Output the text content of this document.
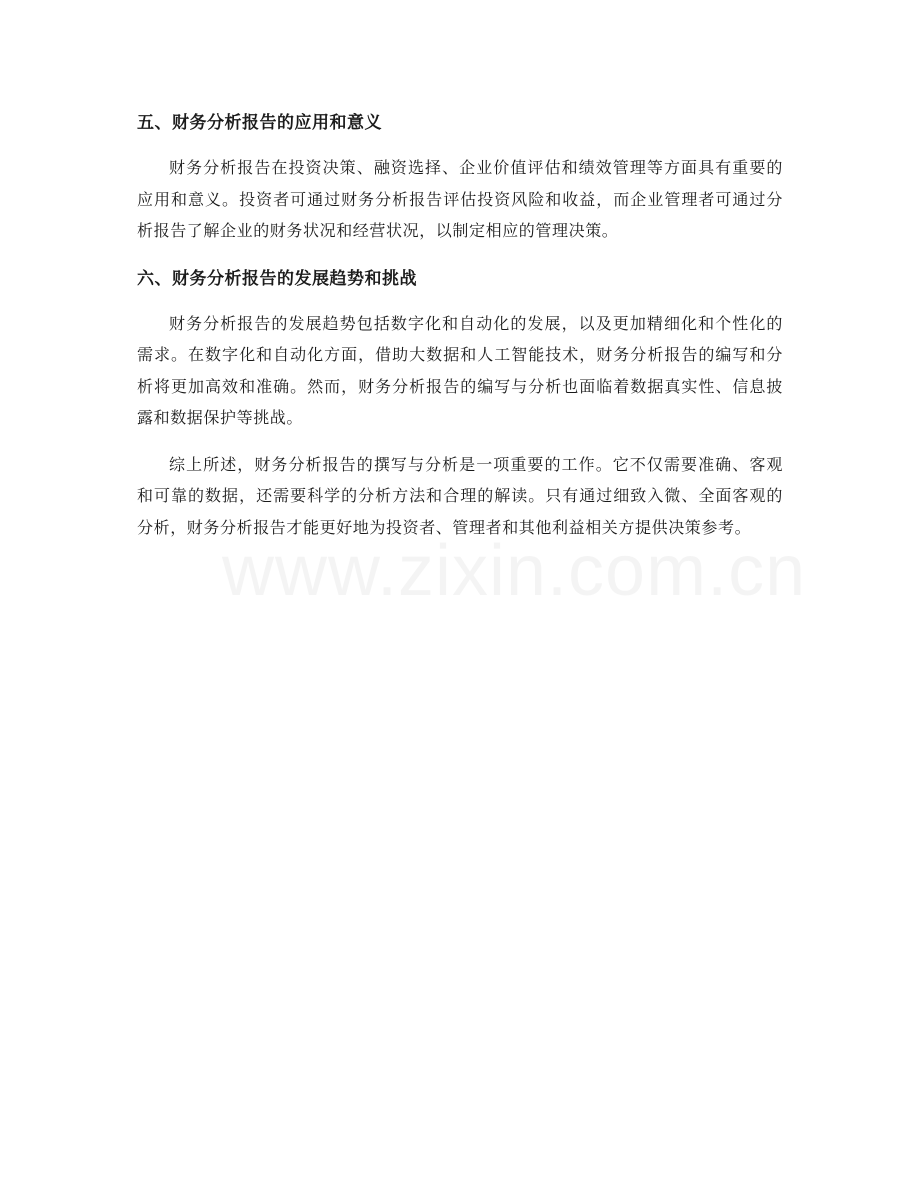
五、财务分析报告的应用和意义

财务分析报告在投资决策、融资选择、企业价值评估和绩效管理等方面具有重要的应用和意义。投资者可通过财务分析报告评估投资风险和收益，而企业管理者可通过分析报告了解企业的财务状况和经营状况，以制定相应的管理决策。

六、财务分析报告的发展趋势和挑战

财务分析报告的发展趋势包括数字化和自动化的发展，以及更加精细化和个性化的需求。在数字化和自动化方面，借助大数据和人工智能技术，财务分析报告的编写和分析将更加高效和准确。然而，财务分析报告的编写与分析也面临着数据真实性、信息披露和数据保护等挑战。

综上所述，财务分析报告的撰写与分析是一项重要的工作。它不仅需要准确、客观和可靠的数据，还需要科学的分析方法和合理的解读。只有通过细致入微、全面客观的分析，财务分析报告才能更好地为投资者、管理者和其他利益相关方提供决策参考。
